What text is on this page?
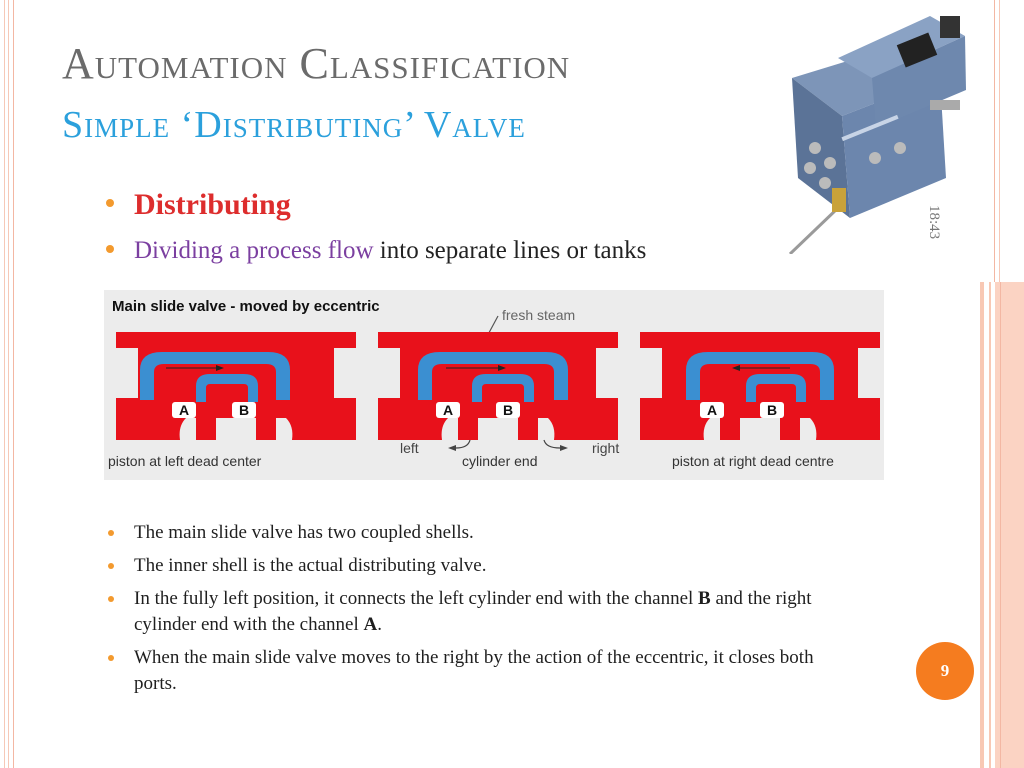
Automation Classification
Simple ‘Distributing’ Valve
18:43
Distributing
Dividing a process flow into separate lines or tanks
Main slide valve - moved by eccentric	fresh steam
A	B	A	B	A	B
left	right
piston at left dead center	cylinder end	piston at right dead centre
The main slide valve has two coupled shells.
The inner shell is the actual distributing valve.
In the fully left position, it connects the left cylinder end with the channel B and the right cylinder end with the channel A.
When the main slide valve moves to the right by the action of the eccentric, it closes both ports.
9
